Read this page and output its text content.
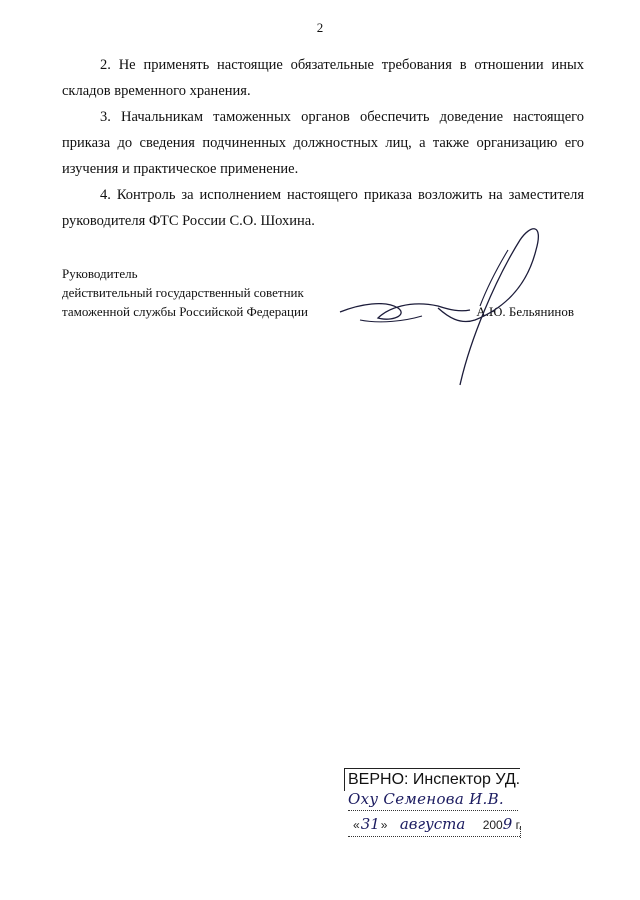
2

2. Не применять настоящие обязательные требования в отношении иных складов временного хранения.

3. Начальникам таможенных органов обеспечить доведение настоящего приказа до сведения подчиненных должностных лиц, а также организацию его изучения и практическое применение.

4. Контроль за исполнением настоящего приказа возложить на заместителя руководителя ФТС России С.О. Шохина.

Руководитель
действительный государственный советник
таможенной службы Российской Федерации	А.Ю. Бельянинов
ВЕРНО: Инспектор УД.
Оху Семенова И.В.
«31» августа 2009 г.
